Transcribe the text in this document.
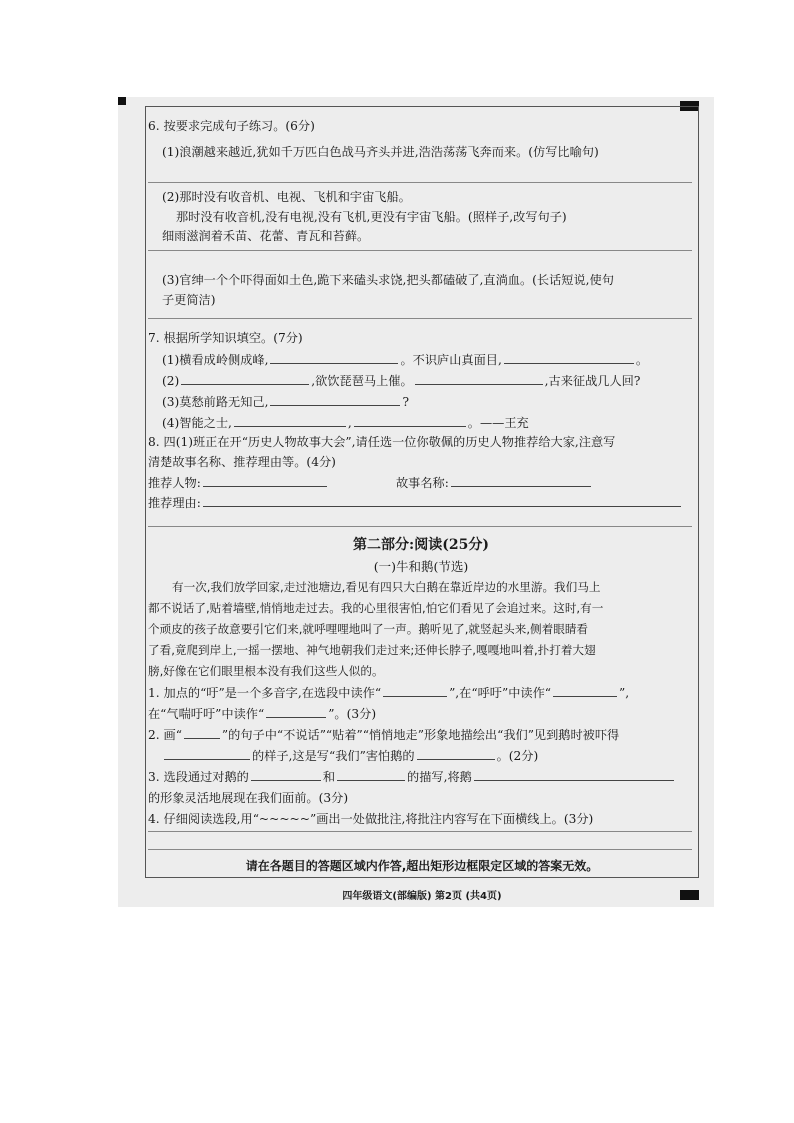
6. 按要求完成句子练习。(6分)
(1)浪潮越来越近,犹如千万匹白色战马齐头并进,浩浩荡荡飞奔而来。(仿写比喻句)
(2)那时没有收音机、电视、飞机和宇宙飞船。
那时没有收音机,没有电视,没有飞机,更没有宇宙飞船。(照样子,改写句子)
细雨滋润着禾苗、花蕾、青瓦和苔藓。
(3)官绅一个个吓得面如土色,跪下来磕头求饶,把头都磕破了,直淌血。(长话短说,使句
子更简洁)
7. 根据所学知识填空。(7分)
(1)横看成岭侧成峰,	。不识庐山真面目,	。
(2)	,欲饮琵琶马上催。	,古来征战几人回?
(3)莫愁前路无知己,	?
(4)智能之士,	,	。——王充
8. 四(1)班正在开“历史人物故事大会”,请任选一位你敬佩的历史人物推荐给大家,注意写
清楚故事名称、推荐理由等。(4分)
推荐人物:	故事名称:
推荐理由:
第二部分:阅读(25分)
(一)牛和鹅(节选)
有一次,我们放学回家,走过池塘边,看见有四只大白鹅在靠近岸边的水里游。我们马上
都不说话了,贴着墙壁,悄悄地走过去。我的心里很害怕,怕它们看见了会追过来。这时,有一
个顽皮的孩子故意要引它们来,就呼哩哩地叫了一声。鹅听见了,就竖起头来,侧着眼睛看
了看,竟爬到岸上,一摇一摆地、神气地朝我们走过来;还伸长脖子,嘎嘎地叫着,扑打着大翅
膀,好像在它们眼里根本没有我们这些人似的。
1. 加点的“吁”是一个多音字,在选段中读作“	”,在“呼吁”中读作“	”,
在“气喘吁吁”中读作“	”。(3分)
2. 画“	”的句子中“不说话”“贴着”“悄悄地走”形象地描绘出“我们”见到鹅时被吓得
的样子,这是写“我们”害怕鹅的	。(2分)
3. 选段通过对鹅的	和	的描写,将鹅
的形象灵活地展现在我们面前。(3分)
4. 仔细阅读选段,用“~~~~~”画出一处做批注,将批注内容写在下面横线上。(3分)
请在各题目的答题区域内作答,超出矩形边框限定区域的答案无效。
四年级语文(部编版) 第2页 (共4页)
